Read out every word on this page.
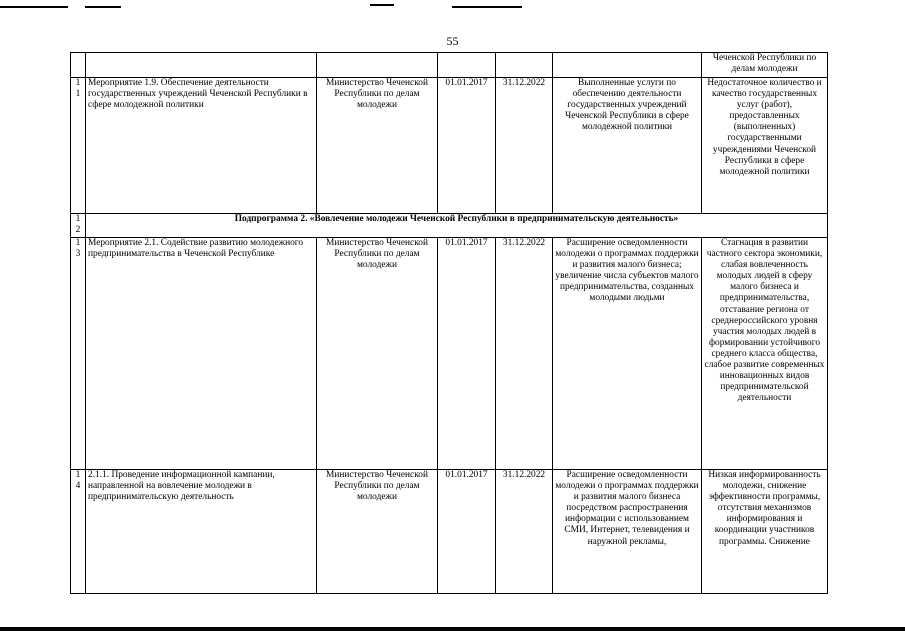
55
						Чеченской Республики по делам молодежи

1
1	Мероприятие 1.9. Обеспечение деятельности государственных учреждений Чеченской Республики в сфере молодежной политики	Министерство Чеченской Республики по делам молодежи	01.01.2017	31.12.2022	Выполненные услуги по обеспечению деятельности государственных учреждений Чеченской Республики в сфере молодежной политики	Недостаточное количество и качество государственных услуг (работ), предоставленных (выполненных) государственными учреждениями Чеченской Республики в сфере молодежной политики

1
2	Подпрограмма 2. «Вовлечение молодежи Чеченской Республики в предпринимательскую деятельность»					

1
3	Мероприятие 2.1. Содействие развитию молодежного предпринимательства в Чеченской Республике	Министерство Чеченской Республики по делам молодежи	01.01.2017	31.12.2022	Расширение осведомленности молодежи о программах поддержки и развития малого бизнеса; увеличение числа субъектов малого предпринимательства, созданных молодыми людьми	Стагнация в развитии частного сектора экономики, слабая вовлеченность молодых людей в сферу малого бизнеса и предпринимательства, отставание региона от среднероссийского уровня участия молодых людей в формировании устойчивого среднего класса общества, слабое развитие современных инновационных видов предпринимательской деятельности

1
4	2.1.1. Проведение информационной кампании, направленной на вовлечение молодежи в предпринимательскую деятельность	Министерство Чеченской Республики по делам молодежи	01.01.2017	31.12.2022	Расширение осведомленности молодежи о программах поддержки и развития малого бизнеса посредством распространения информации с использованием СМИ, Интернет, телевидения и наружной рекламы,	Низкая информированность молодежи, снижение эффективности программы, отсутствия механизмов информирования и координации участников программы. Снижение
